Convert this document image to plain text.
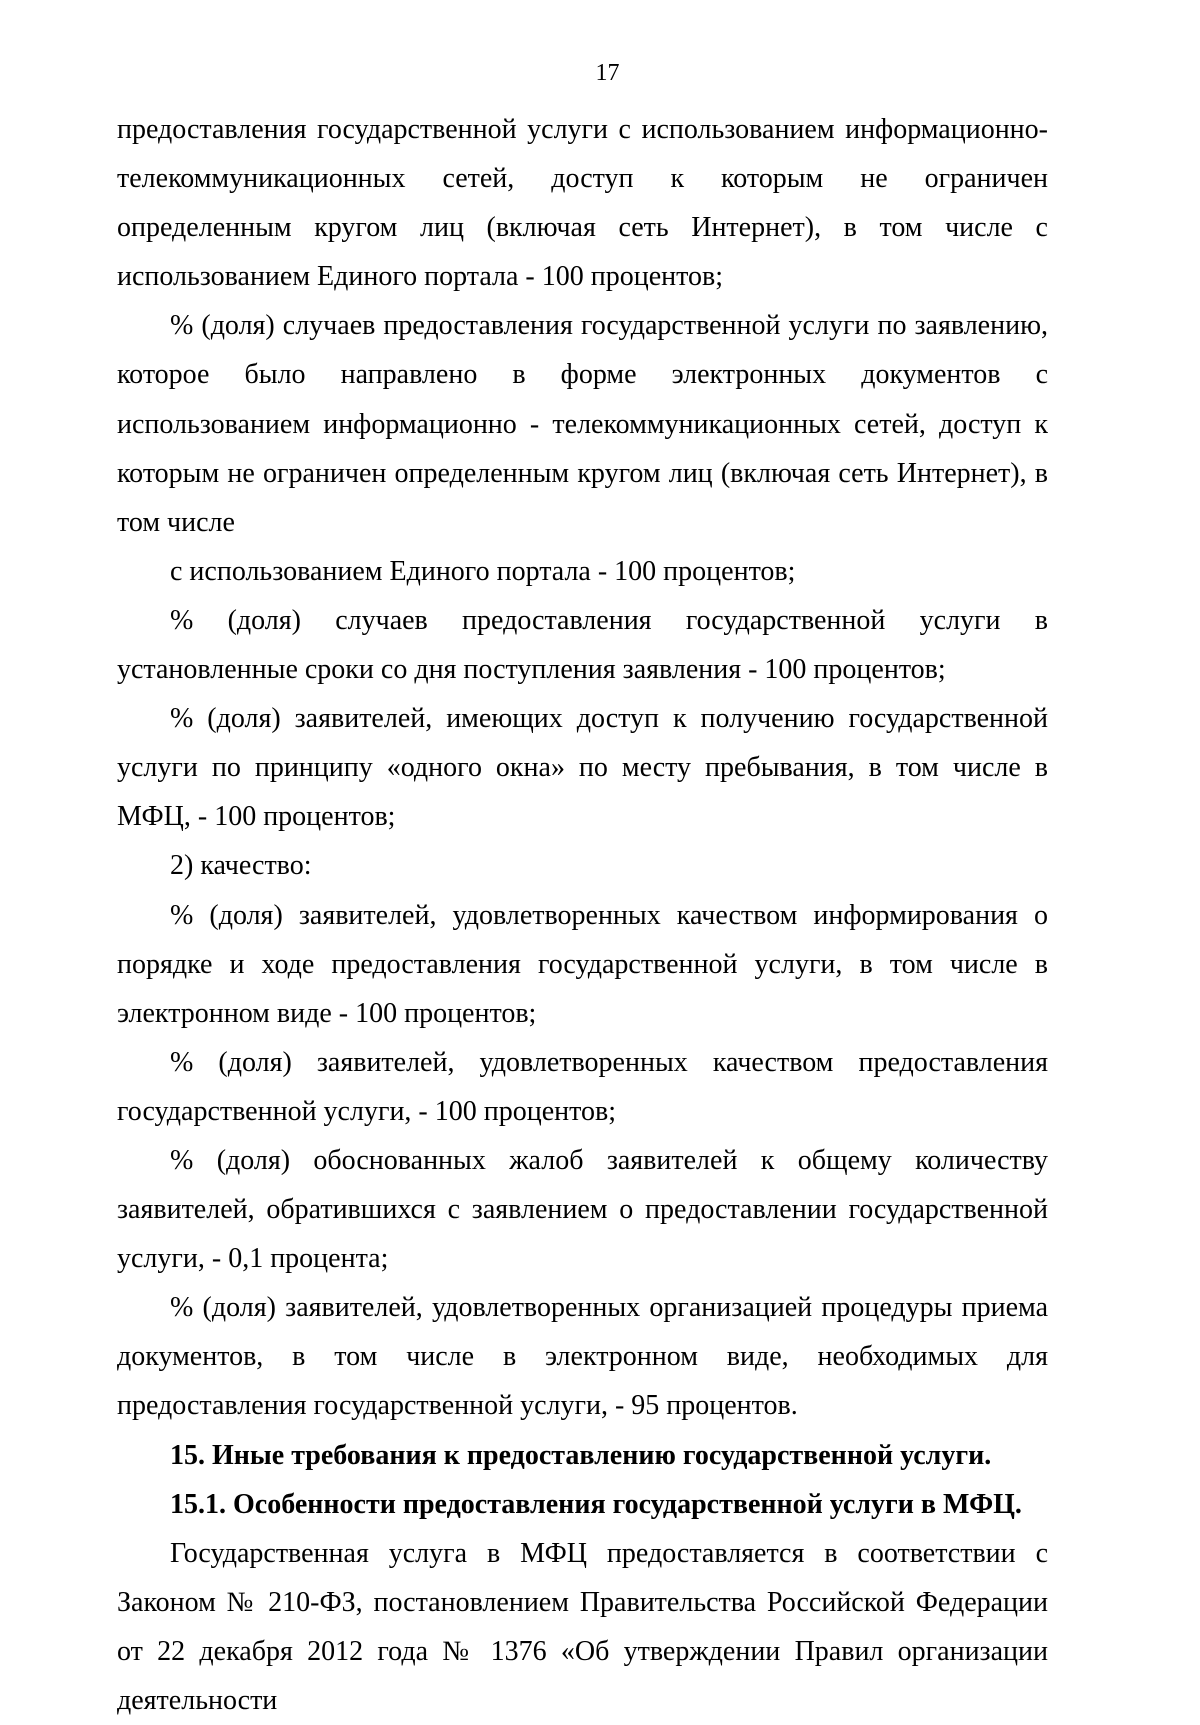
17

предоставления государственной услуги с использованием информационно-телекоммуникационных сетей, доступ к которым не ограничен определенным кругом лиц (включая сеть Интернет), в том числе с использованием Единого портала - 100 процентов;

% (доля) случаев предоставления государственной услуги по заявлению, которое было направлено в форме электронных документов с использованием информационно - телекоммуникационных сетей, доступ к которым не ограничен определенным кругом лиц (включая сеть Интернет), в том числе

с использованием Единого портала - 100 процентов;

% (доля) случаев предоставления государственной услуги в установленные сроки со дня поступления заявления - 100 процентов;

% (доля) заявителей, имеющих доступ к получению государственной услуги по принципу «одного окна» по месту пребывания, в том числе в МФЦ, - 100 процентов;

2) качество:

% (доля) заявителей, удовлетворенных качеством информирования о порядке и ходе предоставления государственной услуги, в том числе в электронном виде - 100 процентов;

% (доля) заявителей, удовлетворенных качеством предоставления государственной услуги, - 100 процентов;

% (доля) обоснованных жалоб заявителей к общему количеству заявителей, обратившихся с заявлением о предоставлении государственной услуги, - 0,1 процента;

% (доля) заявителей, удовлетворенных организацией процедуры приема документов, в том числе в электронном виде, необходимых для предоставления государственной услуги, - 95 процентов.

15. Иные требования к предоставлению государственной услуги.

15.1. Особенности предоставления государственной услуги в МФЦ.

Государственная услуга в МФЦ предоставляется в соответствии с Законом № 210-ФЗ, постановлением Правительства Российской Федерации от 22 декабря 2012 года № 1376 «Об утверждении Правил организации деятельности
